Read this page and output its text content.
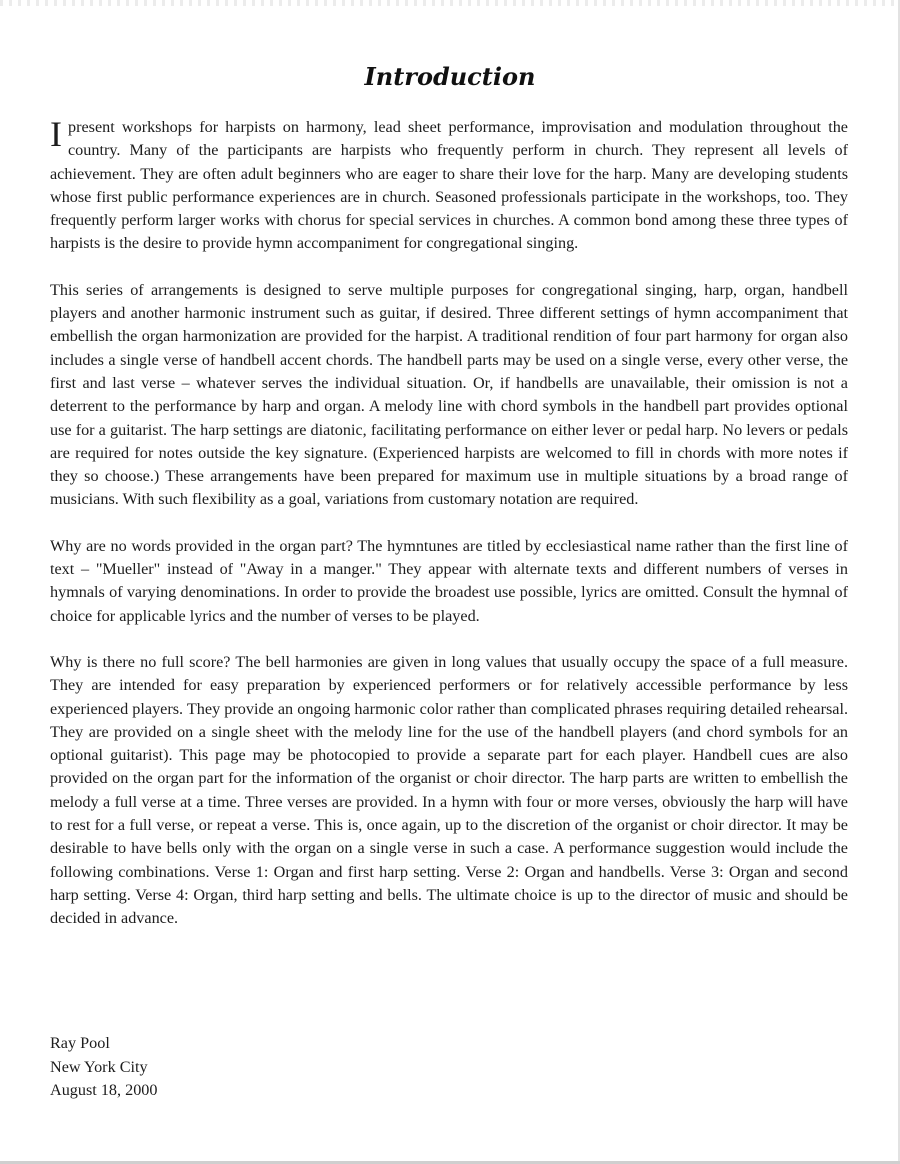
Introduction

Ipresent workshops for harpists on harmony, lead sheet performance, improvisation and modulation throughout the country. Many of the participants are harpists who frequently perform in church. They represent all levels of achievement. They are often adult beginners who are eager to share their love for the harp. Many are developing students whose first public performance experiences are in church. Seasoned professionals participate in the workshops, too. They frequently perform larger works with chorus for special services in churches. A common bond among these three types of harpists is the desire to provide hymn accompaniment for congregational singing.

This series of arrangements is designed to serve multiple purposes for congregational singing, harp, organ, handbell players and another harmonic instrument such as guitar, if desired. Three different settings of hymn accompaniment that embellish the organ harmonization are provided for the harpist. A traditional rendition of four part harmony for organ also includes a single verse of handbell accent chords. The handbell parts may be used on a single verse, every other verse, the first and last verse – whatever serves the individual situation. Or, if handbells are unavailable, their omission is not a deterrent to the performance by harp and organ. A melody line with chord symbols in the handbell part provides optional use for a guitarist. The harp settings are diatonic, facilitating performance on either lever or pedal harp. No levers or pedals are required for notes outside the key signature. (Experienced harpists are welcomed to fill in chords with more notes if they so choose.) These arrangements have been prepared for maximum use in multiple situations by a broad range of musicians. With such flexibility as a goal, variations from customary notation are required.

Why are no words provided in the organ part? The hymntunes are titled by ecclesiastical name rather than the first line of text – "Mueller" instead of "Away in a manger." They appear with alternate texts and different numbers of verses in hymnals of varying denominations. In order to provide the broadest use possible, lyrics are omitted. Consult the hymnal of choice for applicable lyrics and the number of verses to be played.

Why is there no full score? The bell harmonies are given in long values that usually occupy the space of a full measure. They are intended for easy preparation by experienced performers or for relatively accessible performance by less experienced players. They provide an ongoing harmonic color rather than complicated phrases requiring detailed rehearsal. They are provided on a single sheet with the melody line for the use of the handbell players (and chord symbols for an optional guitarist). This page may be photocopied to provide a separate part for each player. Handbell cues are also provided on the organ part for the information of the organist or choir director. The harp parts are written to embellish the melody a full verse at a time. Three verses are provided. In a hymn with four or more verses, obviously the harp will have to rest for a full verse, or repeat a verse. This is, once again, up to the discretion of the organist or choir director. It may be desirable to have bells only with the organ on a single verse in such a case. A performance suggestion would include the following combinations. Verse 1: Organ and first harp setting. Verse 2: Organ and handbells. Verse 3: Organ and second harp setting. Verse 4: Organ, third harp setting and bells. The ultimate choice is up to the director of music and should be decided in advance.

Ray Pool
New York City
August 18, 2000
